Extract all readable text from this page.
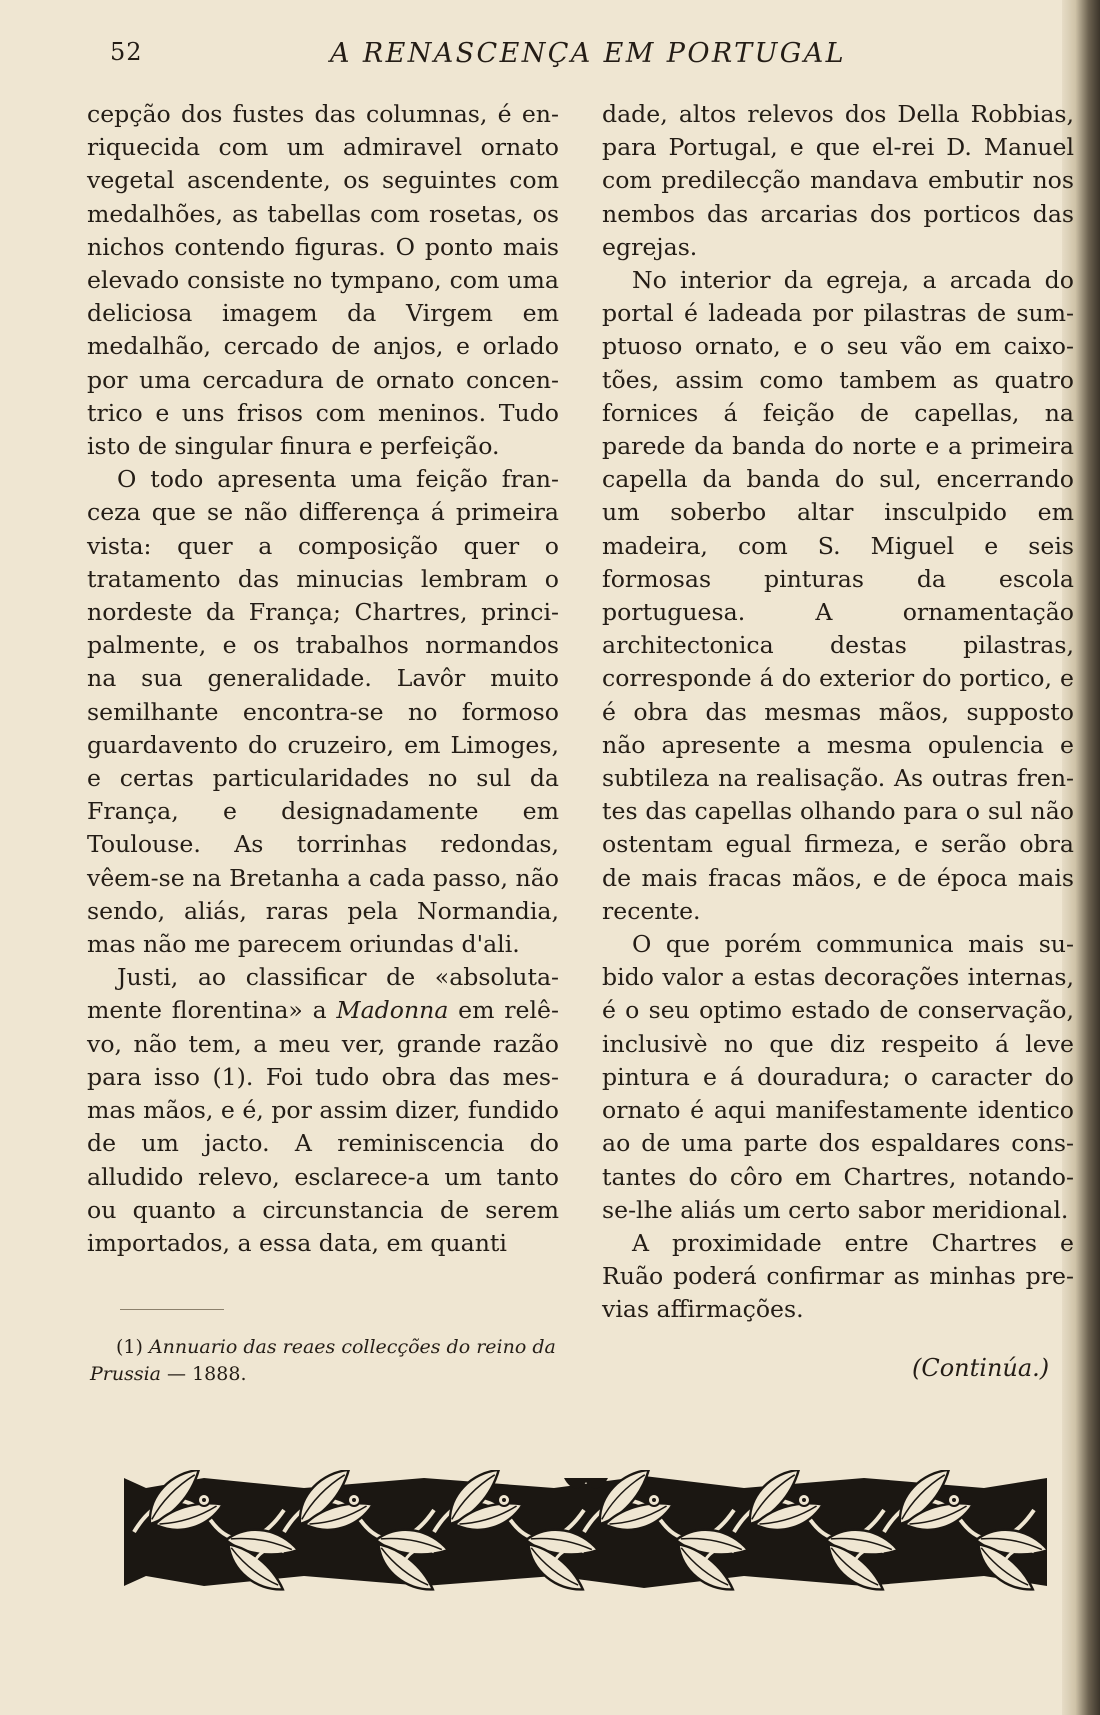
52	A RENASCENÇA EM PORTUGAL

cepção dos fustes das columnas, é enriquecida com um admiravel ornato vegetal ascendente, os seguintes com medalhões, as tabellas com rosetas, os nichos contendo figuras. O ponto mais elevado consiste no tympano, com uma deliciosa imagem da Virgem em medalhão, cercado de anjos, e orlado por uma cercadura de ornato concentrico e uns frisos com meninos. Tudo isto de singular finura e perfeição.

O todo apresenta uma feição franceza que se não differença á primeira vista: quer a composição quer o tratamento das minucias lembram o nordeste da França; Chartres, principalmente, e os trabalhos normandos na sua generalidade. Lavôr muito semilhante encontra-se no formoso guardavento do cruzeiro, em Limoges, e certas particularidades no sul da França, e designadamente em Toulouse. As torrinhas redondas, vêem-se na Bretanha a cada passo, não sendo, aliás, raras pela Normandia, mas não me parecem oriundas d'ali.

Justi, ao classificar de «absolutamente florentina» a Madonna em relêvo, não tem, a meu ver, grande razão para isso (1). Foi tudo obra das mesmas mãos, e é, por assim dizer, fundido de um jacto. A reminiscencia do alludido relevo, esclarece-a um tanto ou quanto a circunstancia de serem importados, a essa data, em quanti

dade, altos relevos dos Della Robbias, para Portugal, e que el-rei D. Manuel com predilecção mandava embutir nos nembos das arcarias dos porticos das egrejas.

No interior da egreja, a arcada do portal é ladeada por pilastras de sumptuoso ornato, e o seu vão em caixotões, assim como tambem as quatro fornices á feição de capellas, na parede da banda do norte e a primeira capella da banda do sul, encerrando um soberbo altar insculpido em madeira, com S. Miguel e seis formosas pinturas da escola portuguesa. A ornamentação architectonica destas pilastras, corresponde á do exterior do portico, e é obra das mesmas mãos, supposto não apresente a mesma opulencia e subtileza na realisação. As outras frentes das capellas olhando para o sul não ostentam egual firmeza, e serão obra de mais fracas mãos, e de época mais recente.

O que porém communica mais subido valor a estas decorações internas, é o seu optimo estado de conservação, inclusivè no que diz respeito á leve pintura e á douradura; o caracter do ornato é aqui manifestamente identico ao de uma parte dos espaldares constantes do côro em Chartres, notandose-lhe aliás um certo sabor meridional.

A proximidade entre Chartres e Ruão poderá confirmar as minhas previas affirmações.

(1) Annuario das reaes collecções do reino da Prussia — 1888.	(Continúa.)
